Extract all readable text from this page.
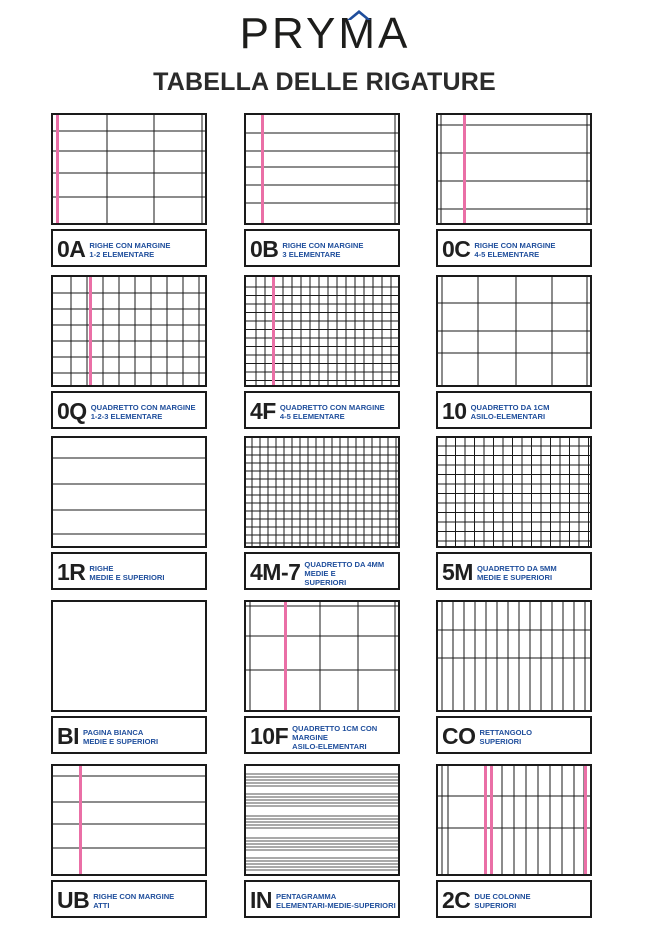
PRYMA
TABELLA DELLE RIGATURE
0A RIGHE CON MARGINE
1-2 ELEMENTARE	0B RIGHE CON MARGINE
3 ELEMENTARE	0C RIGHE CON MARGINE
4-5 ELEMENTARE
0Q QUADRETTO CON MARGINE
1-2-3 ELEMENTARE	4F QUADRETTO CON MARGINE
4-5 ELEMENTARE	10 QUADRETTO DA 1CM
ASILO-ELEMENTARI
1R RIGHE
MEDIE E SUPERIORI	4M-7 QUADRETTO DA 4MM
MEDIE E
SUPERIORI	5M QUADRETTO DA 5MM
MEDIE E SUPERIORI
BI PAGINA BIANCA
MEDIE E SUPERIORI	10F QUADRETTO 1CM CON
MARGINE
ASILO-ELEMENTARI	CO RETTANGOLO
SUPERIORI
UB RIGHE CON MARGINE
ATTI	IN PENTAGRAMMA
ELEMENTARI-MEDIE-SUPERIORI 2C DUE COLONNE
SUPERIORI
